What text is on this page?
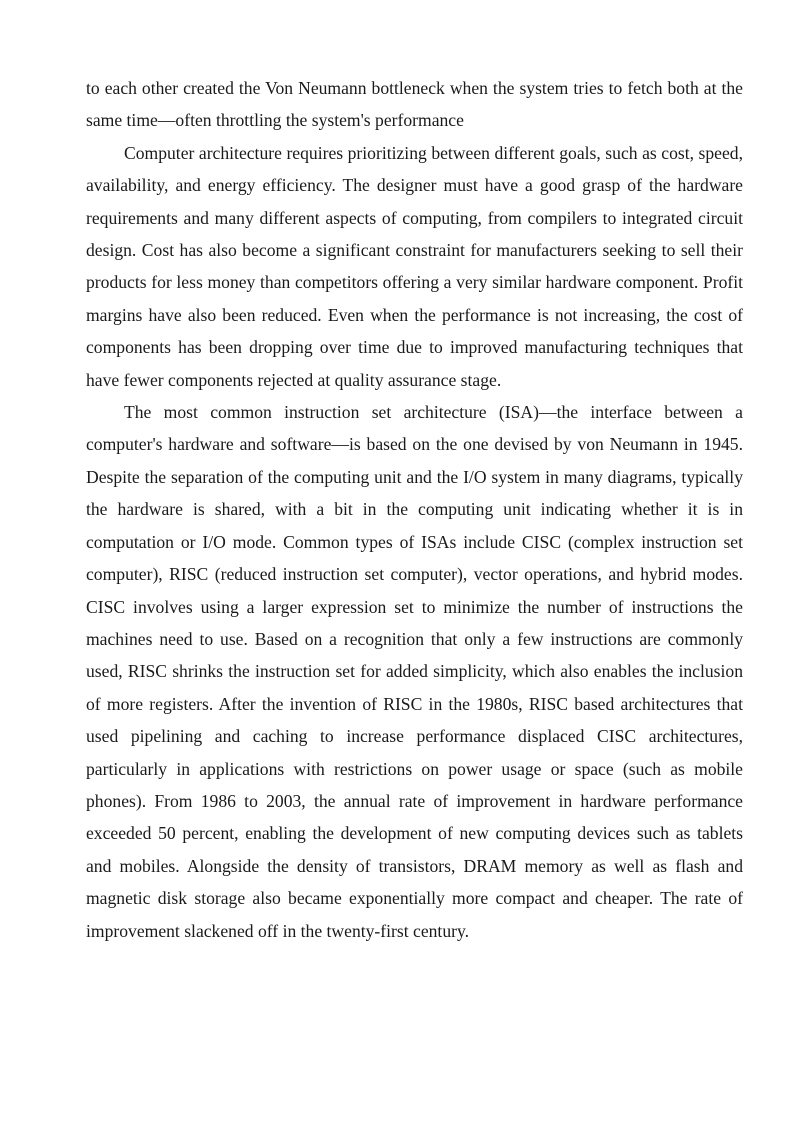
to each other created the Von Neumann bottleneck when the system tries to fetch both at the same time—often throttling the system's performance

Computer architecture requires prioritizing between different goals, such as cost, speed, availability, and energy efficiency. The designer must have a good grasp of the hardware requirements and many different aspects of computing, from compilers to integrated circuit design. Cost has also become a significant constraint for manufacturers seeking to sell their products for less money than competitors offering a very similar hardware component. Profit margins have also been reduced. Even when the performance is not increasing, the cost of components has been dropping over time due to improved manufacturing techniques that have fewer components rejected at quality assurance stage.

The most common instruction set architecture (ISA)—the interface between a computer's hardware and software—is based on the one devised by von Neumann in 1945. Despite the separation of the computing unit and the I/O system in many diagrams, typically the hardware is shared, with a bit in the computing unit indicating whether it is in computation or I/O mode. Common types of ISAs include CISC (complex instruction set computer), RISC (reduced instruction set computer), vector operations, and hybrid modes. CISC involves using a larger expression set to minimize the number of instructions the machines need to use. Based on a recognition that only a few instructions are commonly used, RISC shrinks the instruction set for added simplicity, which also enables the inclusion of more registers. After the invention of RISC in the 1980s, RISC based architectures that used pipelining and caching to increase performance displaced CISC architectures, particularly in applications with restrictions on power usage or space (such as mobile phones). From 1986 to 2003, the annual rate of improvement in hardware performance exceeded 50 percent, enabling the development of new computing devices such as tablets and mobiles. Alongside the density of transistors, DRAM memory as well as flash and magnetic disk storage also became exponentially more compact and cheaper. The rate of improvement slackened off in the twenty-first century.
